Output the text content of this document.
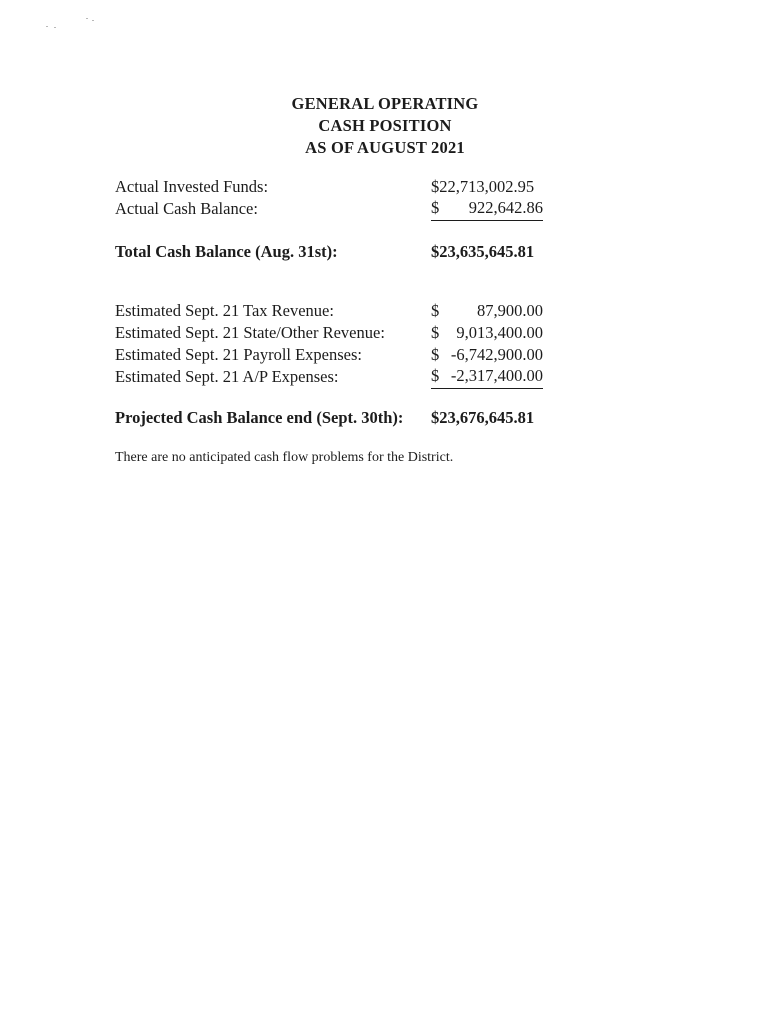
GENERAL OPERATING
CASH POSITION
AS OF AUGUST 2021
Actual Invested Funds:	$22,713,002.95
Actual Cash Balance:	$ 922,642.86
Total Cash Balance (Aug. 31st):	$23,635,645.81
Estimated Sept. 21 Tax Revenue:	$ 87,900.00
Estimated Sept. 21 State/Other Revenue:	$ 9,013,400.00
Estimated Sept. 21 Payroll Expenses:	$ -6,742,900.00
Estimated Sept. 21 A/P Expenses:	$ -2,317,400.00
Projected Cash Balance end (Sept. 30th): $23,676,645.81
There are no anticipated cash flow problems for the District.
